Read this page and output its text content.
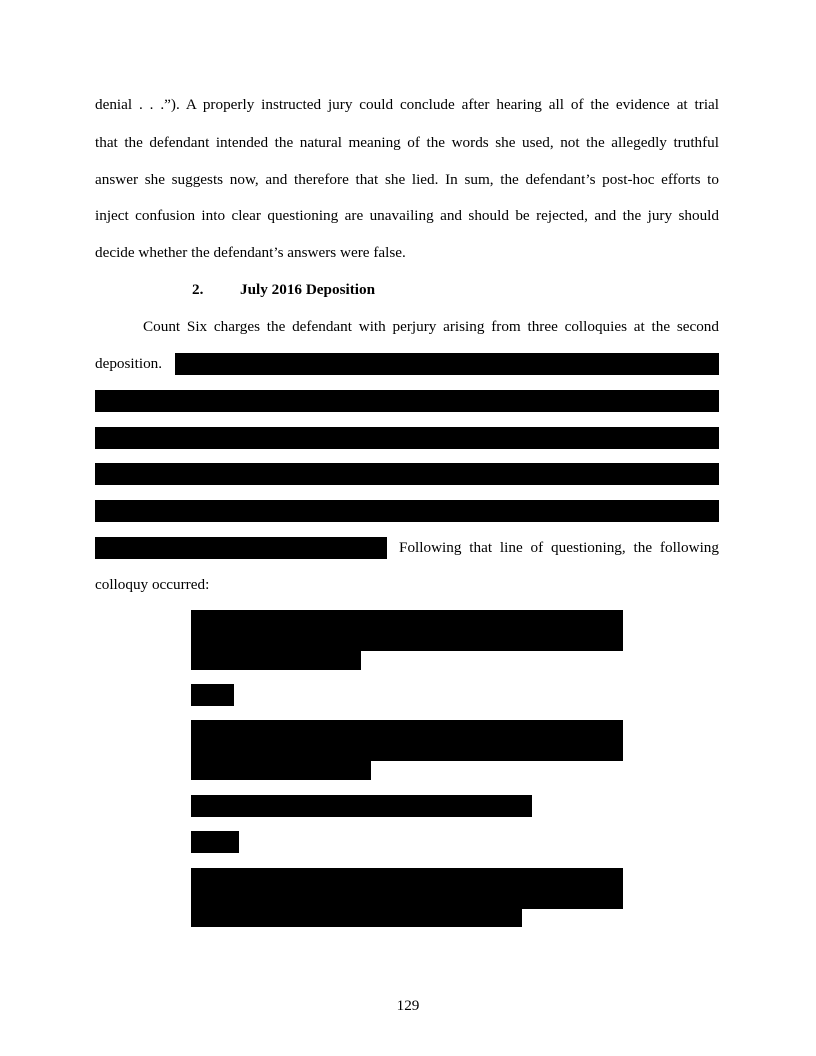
denial . . .”). A properly instructed jury could conclude after hearing all of the evidence at trial
that the defendant intended the natural meaning of the words she used, not the allegedly truthful
answer she suggests now, and therefore that she lied. In sum, the defendant’s post-hoc efforts to
inject confusion into clear questioning are unavailing and should be rejected, and the jury should
decide whether the defendant’s answers were false.
2. July 2016 Deposition
Count Six charges the defendant with perjury arising from three colloquies at the second
deposition.
Following that line of questioning, the following
colloquy occurred:
129
